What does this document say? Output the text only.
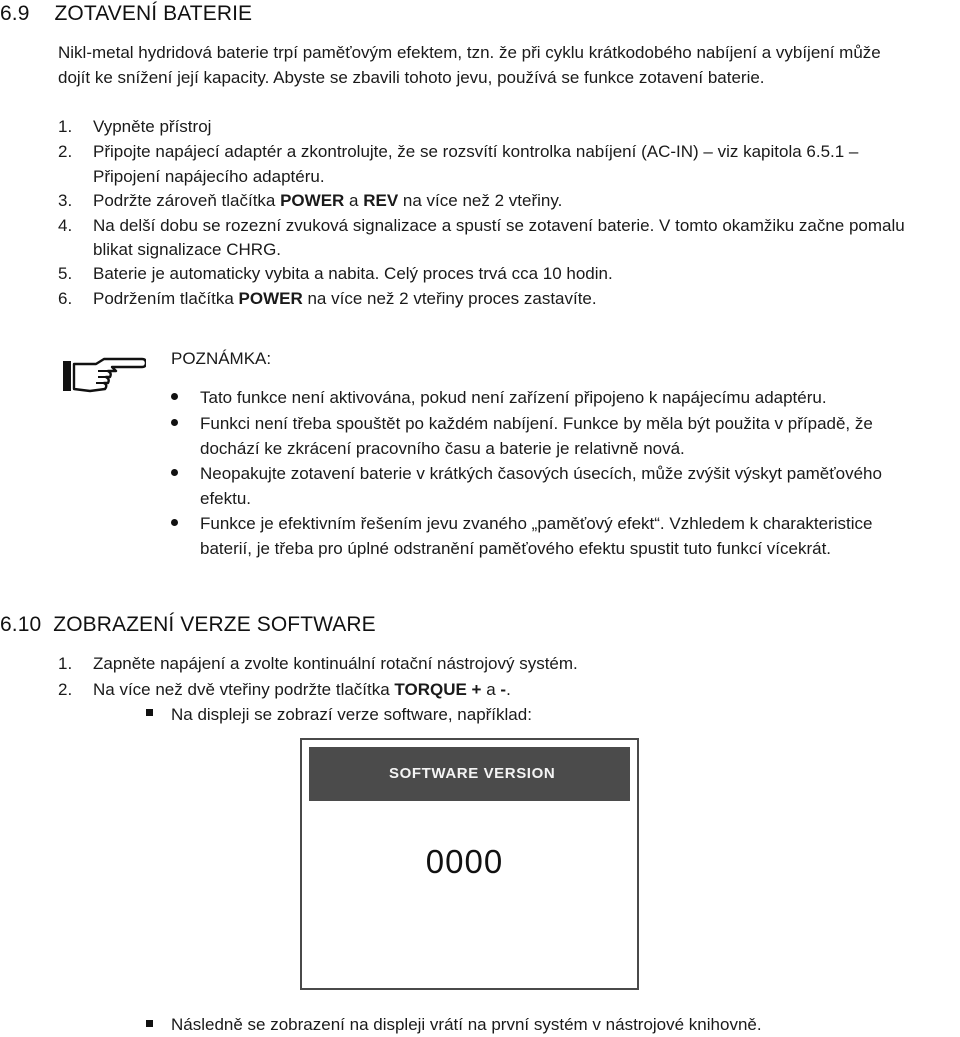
6.9 ZOTAVENÍ BATERIE
Nikl-metal hydridová baterie trpí paměťovým efektem, tzn. že při cyklu krátkodobého nabíjení a vybíjení může
dojít ke snížení její kapacity. Abyste se zbavili tohoto jevu, používá se funkce zotavení baterie.
1. Vypněte přístroj
2. Připojte napájecí adaptér a zkontrolujte, že se rozsvítí kontrolka nabíjení (AC-IN) – viz kapitola 6.5.1 –
Připojení napájecího adaptéru.
3. Podržte zároveň tlačítka POWER a REV na více než 2 vteřiny.
4. Na delší dobu se rozezní zvuková signalizace a spustí se zotavení baterie. V tomto okamžiku začne pomalu
blikat signalizace CHRG.
5. Baterie je automaticky vybita a nabita. Celý proces trvá cca 10 hodin.
6. Podržením tlačítka POWER na více než 2 vteřiny proces zastavíte.
POZNÁMKA:
Tato funkce není aktivována, pokud není zařízení připojeno k napájecímu adaptéru.
Funkci není třeba spouštět po každém nabíjení. Funkce by měla být použita v případě, že
dochází ke zkrácení pracovního času a baterie je relativně nová.
Neopakujte zotavení baterie v krátkých časových úsecích, může zvýšit výskyt paměťového
efektu.
Funkce je efektivním řešením jevu zvaného „paměťový efekt“. Vzhledem k charakteristice
baterií, je třeba pro úplné odstranění paměťového efektu spustit tuto funkcí vícekrát.
6.10 ZOBRAZENÍ VERZE SOFTWARE
1. Zapněte napájení a zvolte kontinuální rotační nástrojový systém.
2. Na více než dvě vteřiny podržte tlačítka TORQUE + a -.
Na displeji se zobrazí verze software, například:
SOFTWARE VERSION
0000
Následně se zobrazení na displeji vrátí na první systém v nástrojové knihovně.
